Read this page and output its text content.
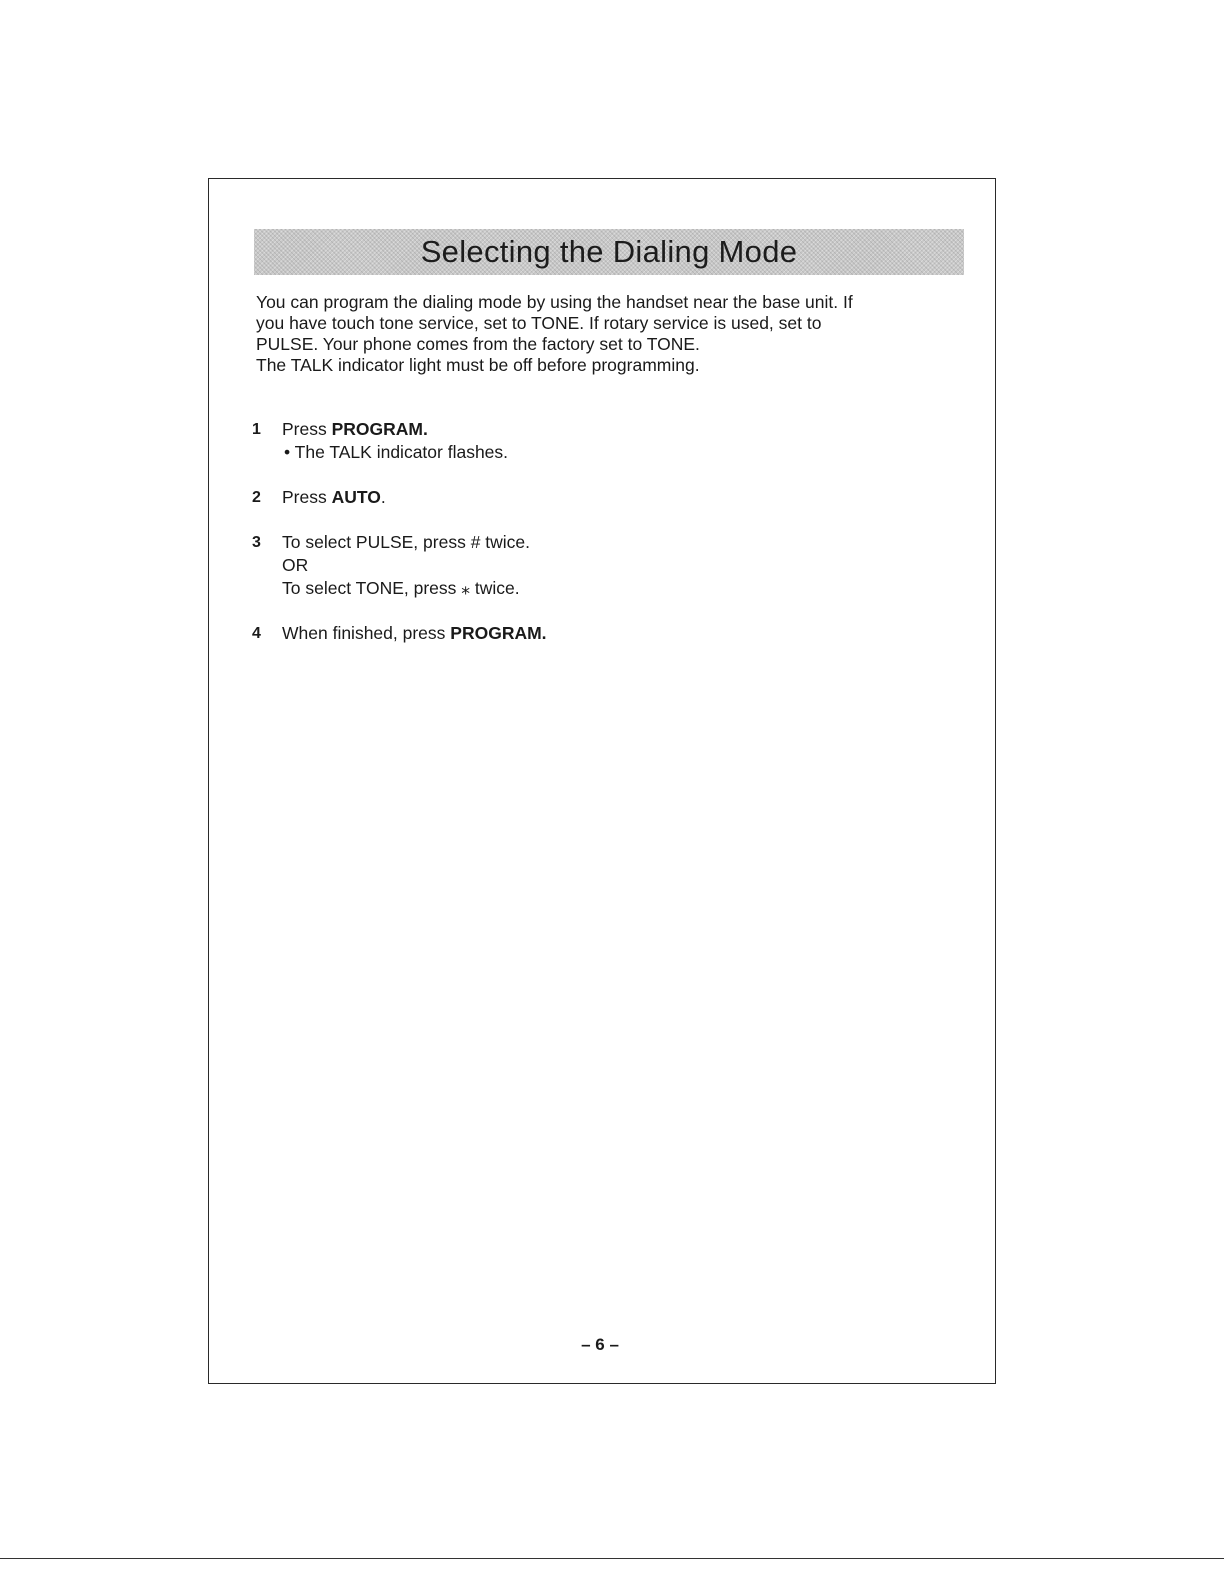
Selecting the Dialing Mode

You can program the dialing mode by using the handset near the base unit. If
you have touch tone service, set to TONE. If rotary service is used, set to
PULSE. Your phone comes from the factory set to TONE.
The TALK indicator light must be off before programming.

1 Press PROGRAM.
• The TALK indicator flashes.
2 Press AUTO.
3 To select PULSE, press # twice.
OR
To select TONE, press ⁎ twice.
4 When finished, press PROGRAM.
– 6 –
